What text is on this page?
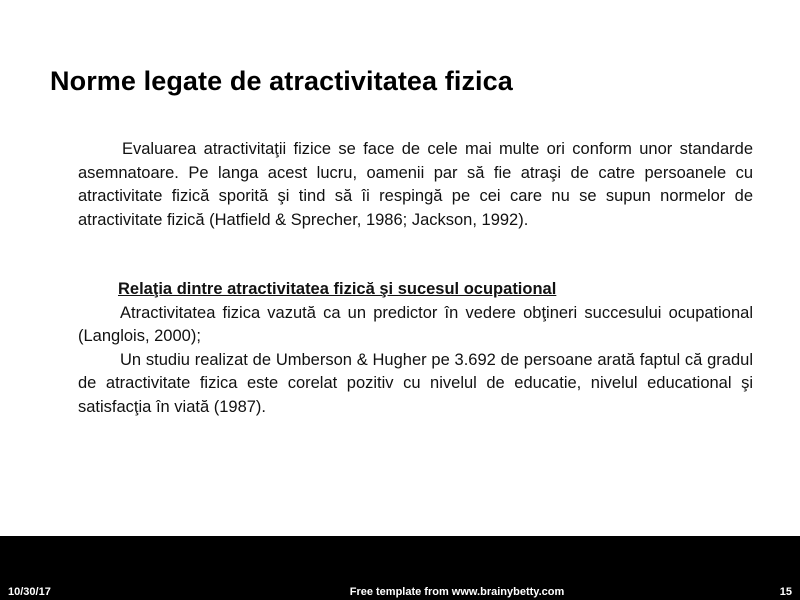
Norme legate de atractivitatea fizica

Evaluarea atractivitaţii fizice se face de cele mai multe ori conform unor standarde asemnatoare. Pe langa acest lucru, oamenii par să fie atraşi de catre persoanele cu atractivitate fizică sporită şi tind să îi respingă pe cei care nu se supun normelor de atractivitate fizică (Hatfield & Sprecher, 1986; Jackson, 1992).

Relaţia dintre atractivitatea fizică şi sucesul ocupational

Atractivitatea fizica vazută ca un predictor în vedere obţineri succesului ocupational (Langlois, 2000);

Un studiu realizat de Umberson & Hugher pe 3.692 de persoane arată faptul că gradul de atractivitate fizica este corelat pozitiv cu nivelul de educatie, nivelul educational şi satisfacţia în viată (1987).

10/30/17	Free template from www.brainybetty.com	15
